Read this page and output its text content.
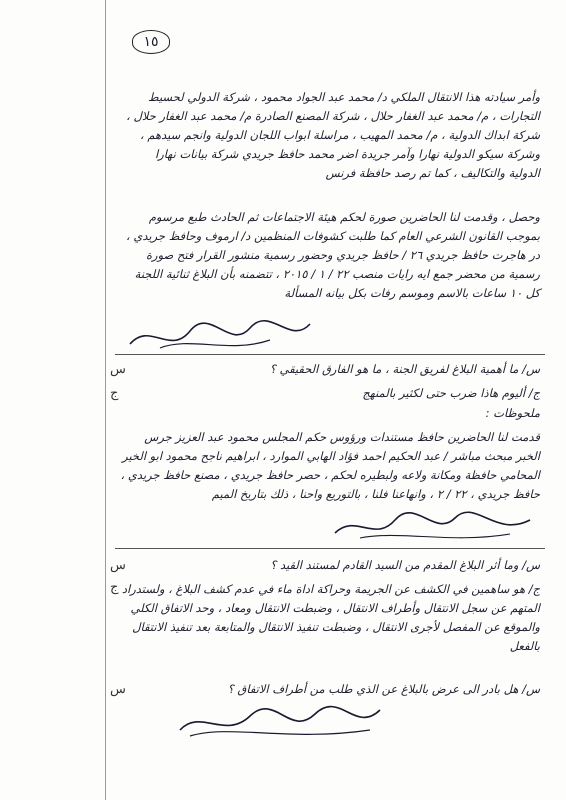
١٥
وأمر سيادته هذا الانتقال الملكي د/ محمد عبد الجواد محمود ، شركة الدولي لحسيط التجارات ، م/ محمد عبد الغفار حلال ، شركة المصنع الصادرة م/ محمد عبد الغفار حلال ، شركة ابداك الدولية ، م/ محمد المهيب ، مراسلة ابواب اللجان الدولية وانجم سيدهم ، وشركة سيكو الدولية نهارا وآمر جريدة اضر محمد حافظ جريدي شركة بيانات نهارا الدولية والتكاليف ، كما تم رصد حافظة فرنس
وحصل ، وقدمت لنا الحاضرين صورة لحكم هيئة الاجتماعات ثم الحادث طبع مرسوم بموجب القانون الشرعي العام كما طلبت كشوفات المنظمين د/ ارموف وحافظ جريدي ، در هاجرت حافظ جريدي ٢٦ / حافظ جريدي وحضور رسمية منشور القرار فتح صورة رسمية من محضر جمع ايه رايات منصب ٢٢ / ١ / ٢٠١٥ ، تتضمنه بأن البلاغ ثنائية اللجنة كل ١٠ ساعات بالاسم وموسم رفات بكل بيانه المسألة
س	س/ ما أهمية البلاغ لفريق الجنة ، ما هو الفارق الحقيقي ؟
ج	ج/ أليوم هاذا ضرب حتى لكثير بالمنهج
ملحوظات :
قدمت لنا الحاضرين حافظ مستندات ورؤوس حكم المجلس محمود عبد العزيز جرس الخبر مبحث مباشر / عبد الحكيم احمد فؤاد الهابي الموارد ، ابراهيم ناجح محمود ابو الخير المحامي حافظة ومكانة ولاعه ولبطيره لحكم ، حصر حافظ جريدي ، مصنع حافظ جريدي ، حافظ جريدي ، ٢٢ / ٢ ، وانهاعنا فلنا ، بالتوريع واحنا ، ذلك بتاريخ الميم
س	س/ وما أثر البلاغ المقدم من السيد القادم لمستند القيد ؟
ج ج/ هو ساهمين في الكشف عن الجريمة وحراكة اداة ماء في عدم كشف البلاغ ، ولستدراد المتهم عن سجل الانتقال وأطراف الانتقال ، وضبطت الانتقال ومعاد ، وحد الاتفاق الكلي والموقع عن المفصل لأجرى الانتقال ، وضبطت تنفيذ الانتقال والمتابعة بعد تنفيذ الانتقال بالفعل
س	س/ هل بادر الى عرض بالبلاغ عن الذي طلب من أطراف الاتفاق ؟
